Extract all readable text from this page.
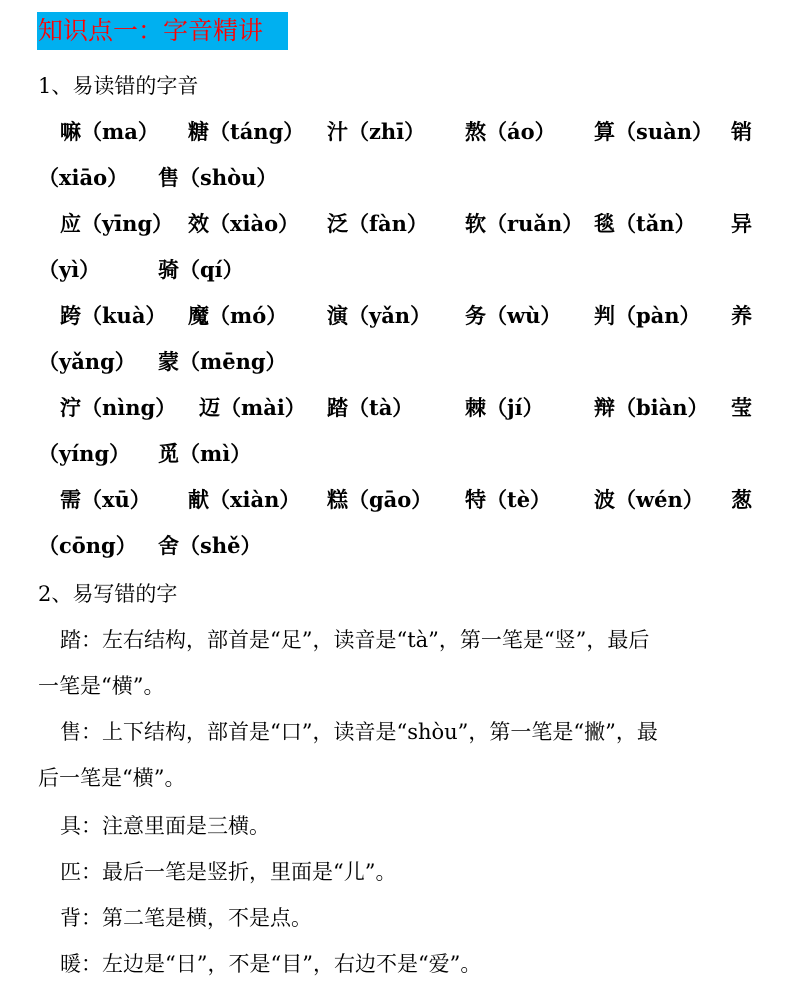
知识点一：字音精讲
1、易读错的字音
嘛（ma） 糖（táng） 汁（zhī） 熬（áo） 算（suàn） 销
（xiāo） 售（shòu）
应（yīng） 效（xiào） 泛（fàn） 软（ruǎn） 毯（tǎn） 异
（yì）	骑（qí）
跨（kuà） 魔（mó） 演（yǎn） 务（wù） 判（pàn） 养
（yǎng） 蒙（mēng）
泞（nìng） 迈（mài） 踏（tà） 棘（jí） 辩（biàn） 莹
（yíng） 觅（mì）
需（xū） 献（xiàn） 糕（gāo） 特（tè） 波（wén） 葱
（cōng） 舍（shě）
2、易写错的字
踏：左右结构，部首是“足”，读音是“tà”，第一笔是“竖”，最后
一笔是“横”。
售：上下结构，部首是“口”，读音是“shòu”，第一笔是“撇”，最
后一笔是“横”。
具：注意里面是三横。
匹：最后一笔是竖折，里面是“儿”。
背：第二笔是横，不是点。
暖：左边是“日”，不是“目”，右边不是“爱”。
